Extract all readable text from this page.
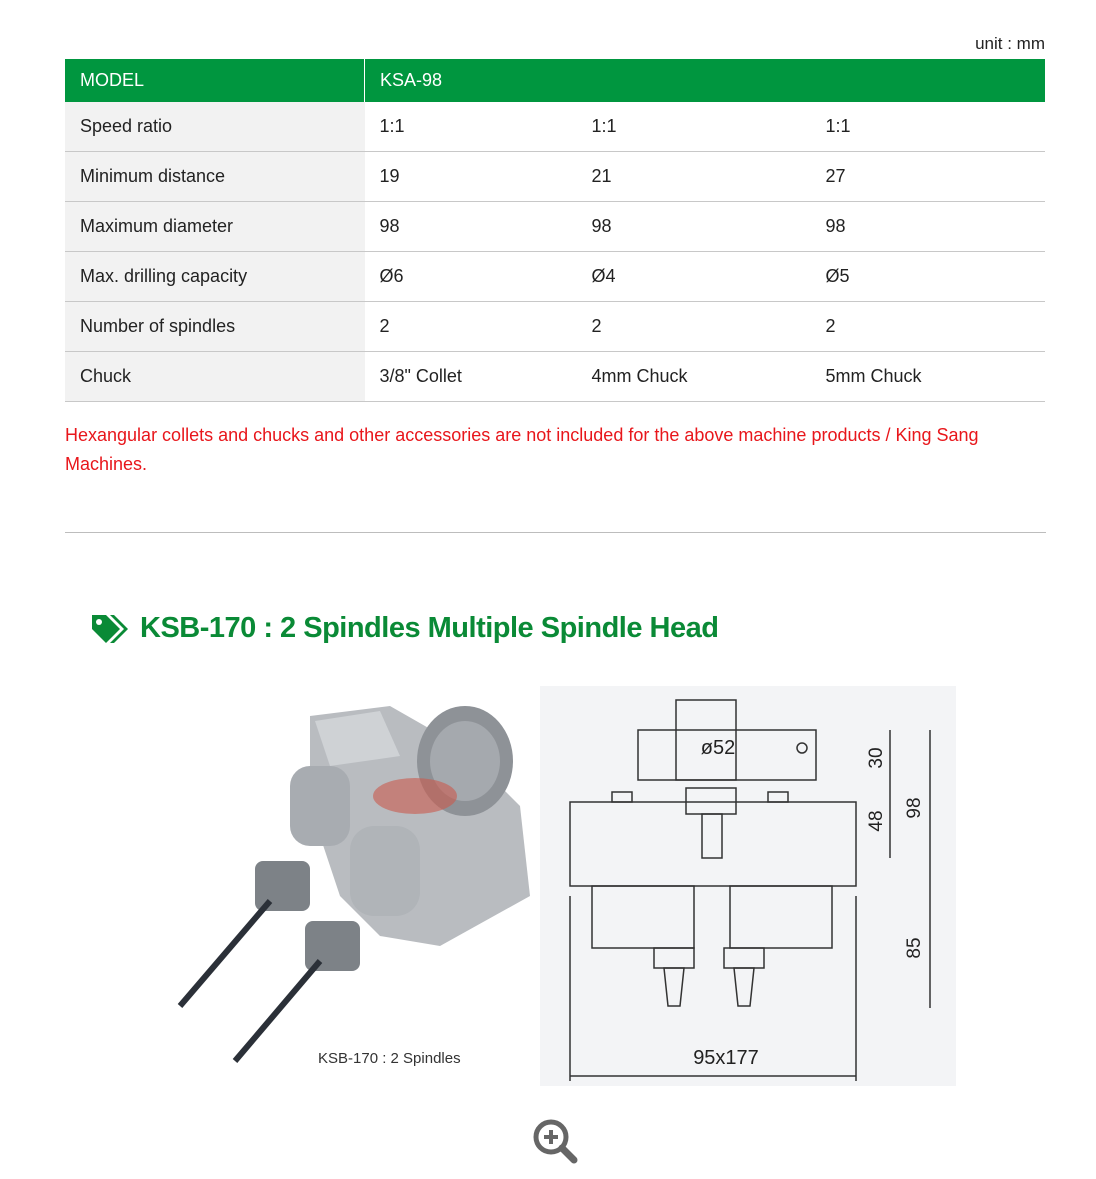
unit : mm
MODEL	KSA-98		
Speed ratio	1:1	1:1	1:1
Minimum distance	19	21	27
Maximum diameter	98	98	98
Max. drilling capacity	Ø6	Ø4	Ø5
Number of spindles	2	2	2
Chuck	3/8" Collet	4mm Chuck	5mm Chuck
Hexangular collets and chucks and other accessories are not included for the above machine products / King Sang Machines.
KSB-170 : 2 Spindles Multiple Spindle Head
ø52	30
48
98
85
95x177
KSB-170 : 2 Spindles
